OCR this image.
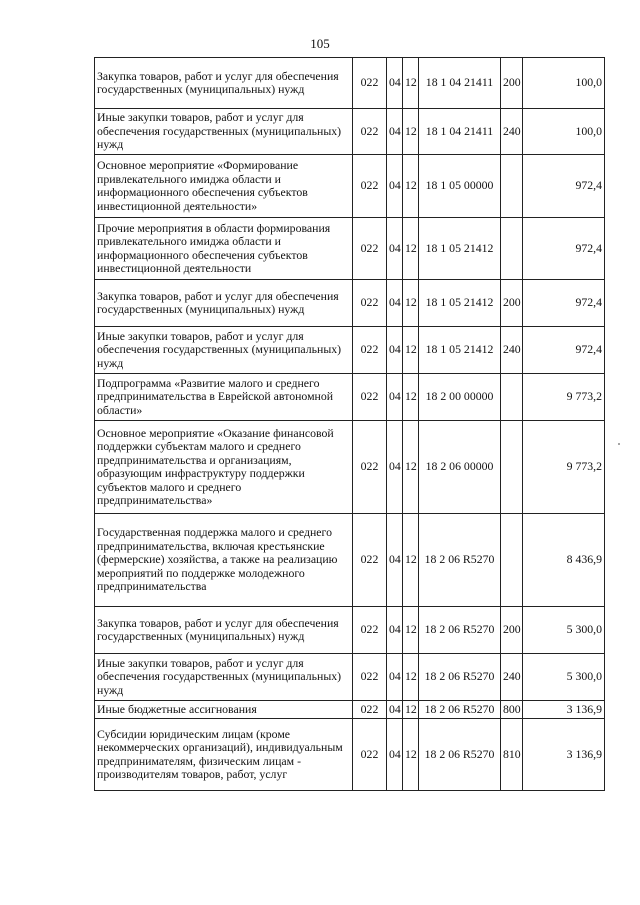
105
Закупка товаров, работ и услуг для обеспечения государственных (муниципальных) нужд	022	04	12	18 1 04 21411	200	100,0
Иные закупки товаров, работ и услуг для обеспечения государственных (муниципальных) нужд	022	04	12	18 1 04 21411	240	100,0
Основное мероприятие «Формирование привлекательного имиджа области и информационного обеспечения субъектов инвестиционной деятельности»	022	04	12	18 1 05 00000		972,4
Прочие мероприятия в области формирования привлекательного имиджа области и информационного обеспечения субъектов инвестиционной деятельности	022	04	12	18 1 05 21412		972,4
Закупка товаров, работ и услуг для обеспечения государственных (муниципальных) нужд	022	04	12	18 1 05 21412	200	972,4
Иные закупки товаров, работ и услуг для обеспечения государственных (муниципальных) нужд	022	04	12	18 1 05 21412	240	972,4
Подпрограмма «Развитие малого и среднего предпринимательства в Еврейской автономной области»	022	04	12	18 2 00 00000		9 773,2
Основное мероприятие «Оказание финансовой поддержки субъектам малого и среднего предпринимательства и организациям, образующим инфраструктуру поддержки субъектов малого и среднего предпринимательства»	022	04	12	18 2 06 00000		9 773,2
Государственная поддержка малого и среднего предпринимательства, включая крестьянские (фермерские) хозяйства, а также на реализацию мероприятий по поддержке молодежного предпринимательства	022	04	12	18 2 06 R5270		8 436,9
Закупка товаров, работ и услуг для обеспечения государственных (муниципальных) нужд	022	04	12	18 2 06 R5270	200	5 300,0
Иные закупки товаров, работ и услуг для обеспечения государственных (муниципальных) нужд	022	04	12	18 2 06 R5270	240	5 300,0
Иные бюджетные ассигнования	022	04	12	18 2 06 R5270	800	3 136,9
Субсидии юридическим лицам (кроме некоммерческих организаций), индивидуальным предпринимателям, физическим лицам - производителям товаров, работ, услуг	022	04	12	18 2 06 R5270	810	3 136,9
